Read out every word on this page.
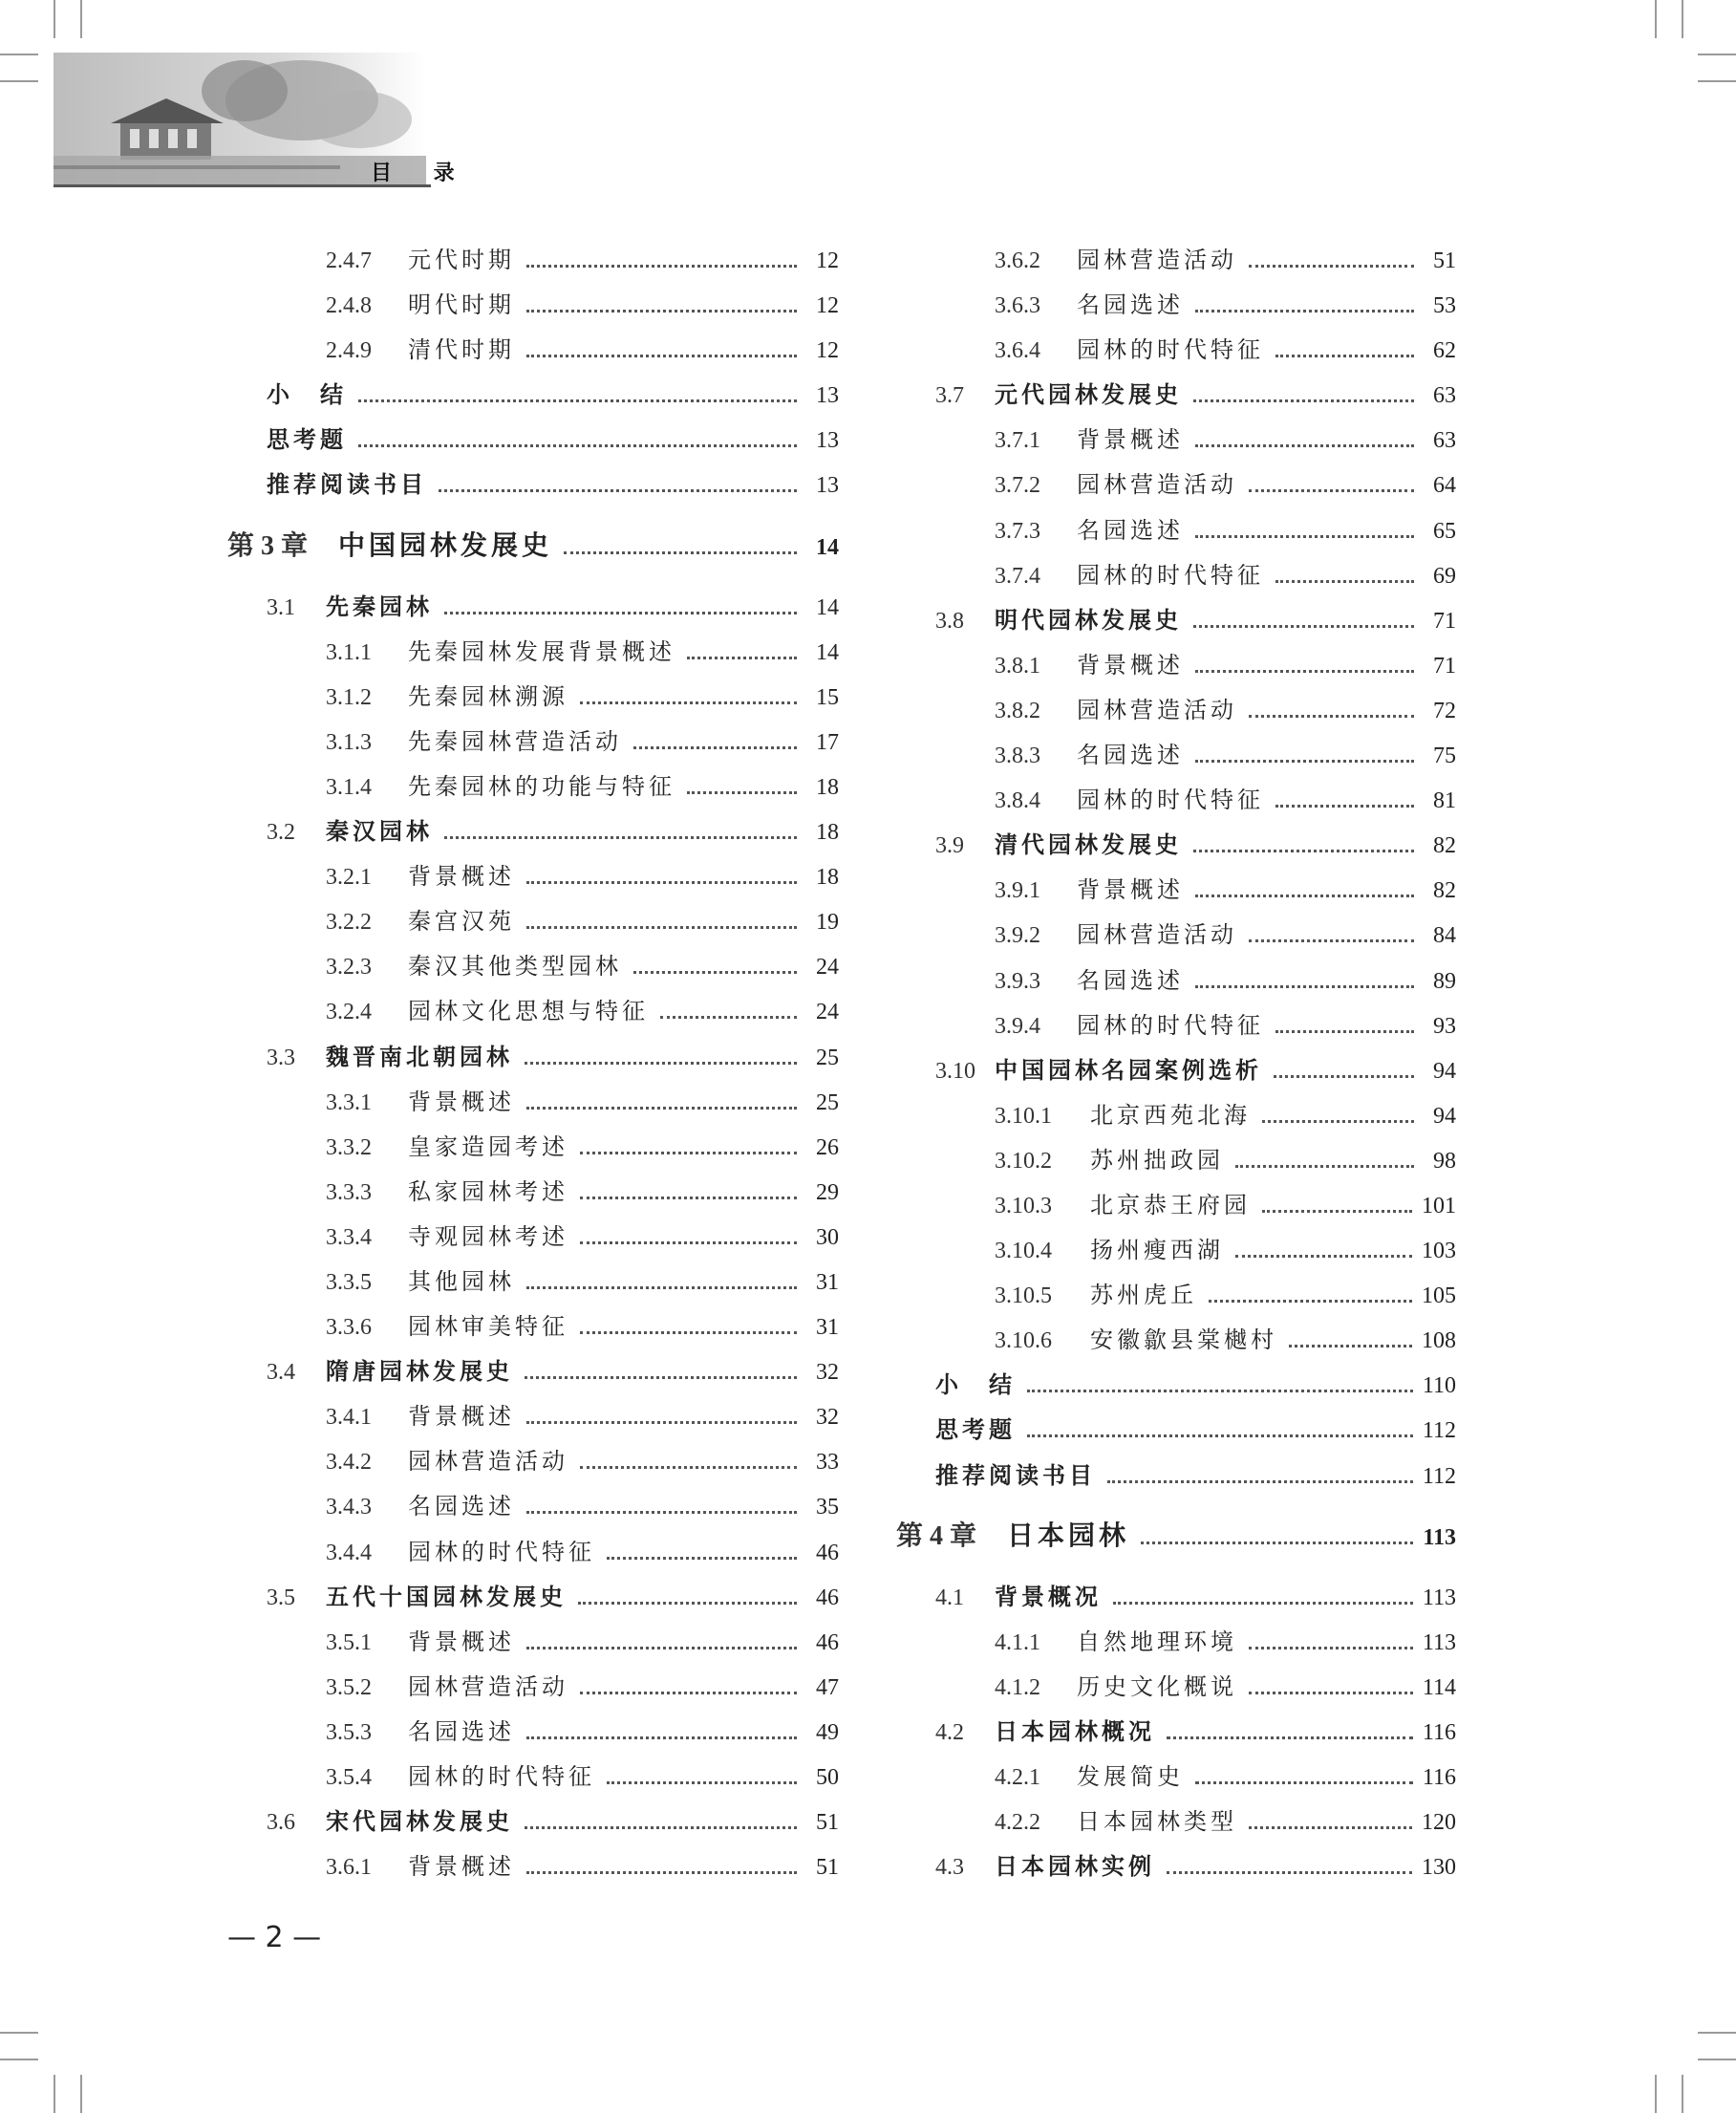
目 录
2.4.7	元代时期	12
2.4.8	明代时期	12
2.4.9	清代时期	12
小　结	13
思考题	13
推荐阅读书目	13
第 3 章 中国园林发展史	14
3.1	先秦园林	14
3.1.1	先秦园林发展背景概述	14
3.1.2	先秦园林溯源	15
3.1.3	先秦园林营造活动	17
3.1.4	先秦园林的功能与特征	18
3.2	秦汉园林	18
3.2.1	背景概述	18
3.2.2	秦宫汉苑	19
3.2.3	秦汉其他类型园林	24
3.2.4	园林文化思想与特征	24
3.3	魏晋南北朝园林	25
3.3.1	背景概述	25
3.3.2	皇家造园考述	26
3.3.3	私家园林考述	29
3.3.4	寺观园林考述	30
3.3.5	其他园林	31
3.3.6	园林审美特征	31
3.4	隋唐园林发展史	32
3.4.1	背景概述	32
3.4.2	园林营造活动	33
3.4.3	名园选述	35
3.4.4	园林的时代特征	46
3.5	五代十国园林发展史	46
3.5.1	背景概述	46
3.5.2	园林营造活动	47
3.5.3	名园选述	49
3.5.4	园林的时代特征	50
3.6	宋代园林发展史	51
3.6.1	背景概述	51
3.6.2	园林营造活动	51
3.6.3	名园选述	53
3.6.4	园林的时代特征	62
3.7	元代园林发展史	63
3.7.1	背景概述	63
3.7.2	园林营造活动	64
3.7.3	名园选述	65
3.7.4	园林的时代特征	69
3.8	明代园林发展史	71
3.8.1	背景概述	71
3.8.2	园林营造活动	72
3.8.3	名园选述	75
3.8.4	园林的时代特征	81
3.9	清代园林发展史	82
3.9.1	背景概述	82
3.9.2	园林营造活动	84
3.9.3	名园选述	89
3.9.4	园林的时代特征	93
3.10 中国园林名园案例选析	94
3.10.1	北京西苑北海	94
3.10.2	苏州拙政园	98
3.10.3	北京恭王府园	101
3.10.4	扬州瘦西湖	103
3.10.5	苏州虎丘	105
3.10.6	安徽歙县棠樾村	108
小　结	110
思考题	112
推荐阅读书目	112
第 4 章 日本园林	113
4.1	背景概况	113
4.1.1	自然地理环境	113
4.1.2	历史文化概说	114
4.2	日本园林概况	116
4.2.1	发展简史	116
4.2.2	日本园林类型	120
4.3	日本园林实例	130
— 2 —
